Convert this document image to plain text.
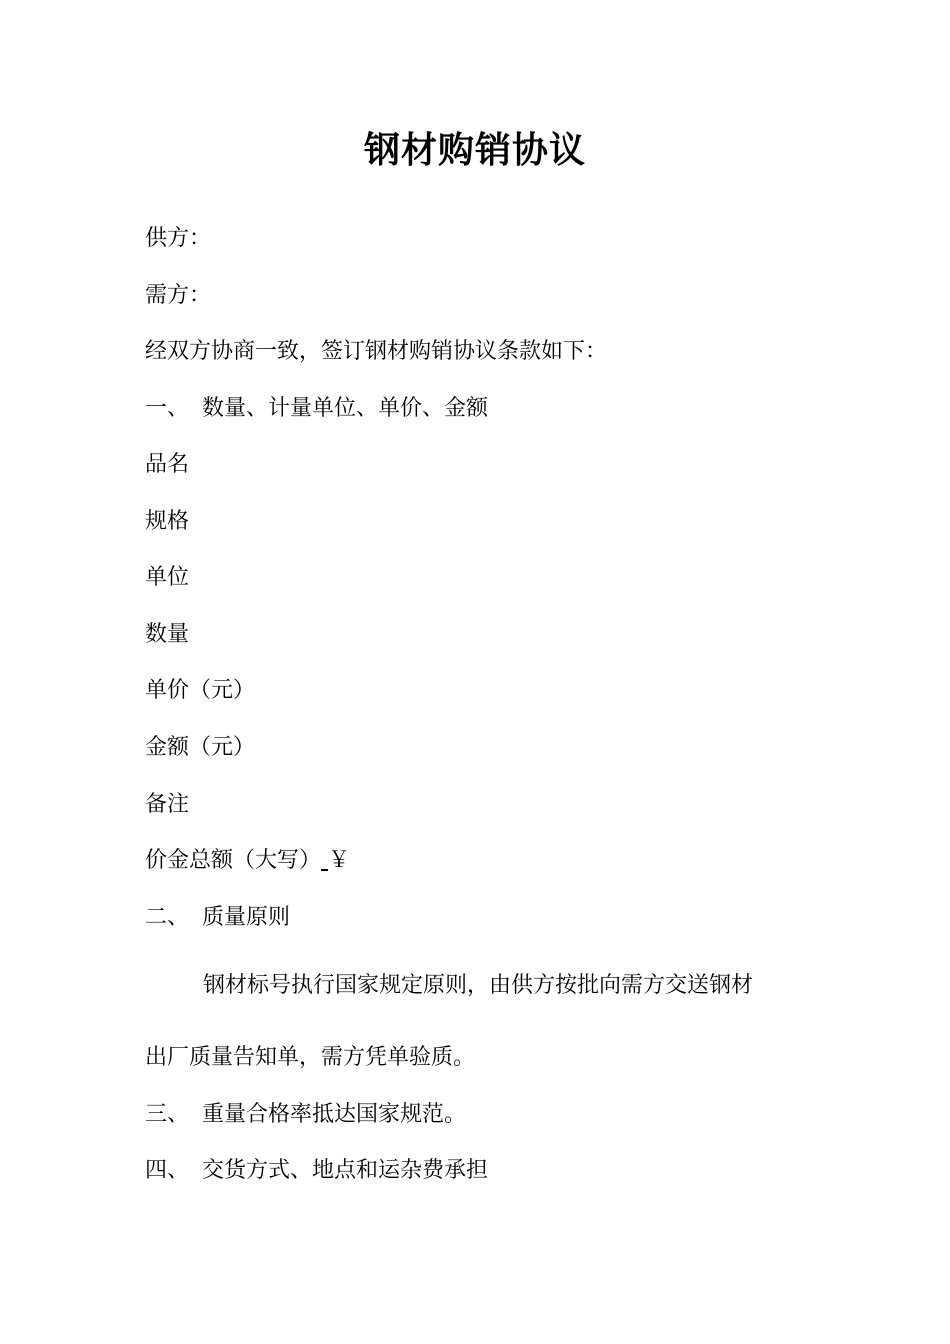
钢材购销协议
供方：
需方：
经双方协商一致，签订钢材购销协议条款如下：
一、 数量、计量单位、单价、金额
品名
规格
单位
数量
单价（元）
金额（元）
备注
价金总额（大写） ￥
二、 质量原则
钢材标号执行国家规定原则，由供方按批向需方交送钢材
出厂质量告知单，需方凭单验质。
三、 重量合格率抵达国家规范。
四、 交货方式、地点和运杂费承担
